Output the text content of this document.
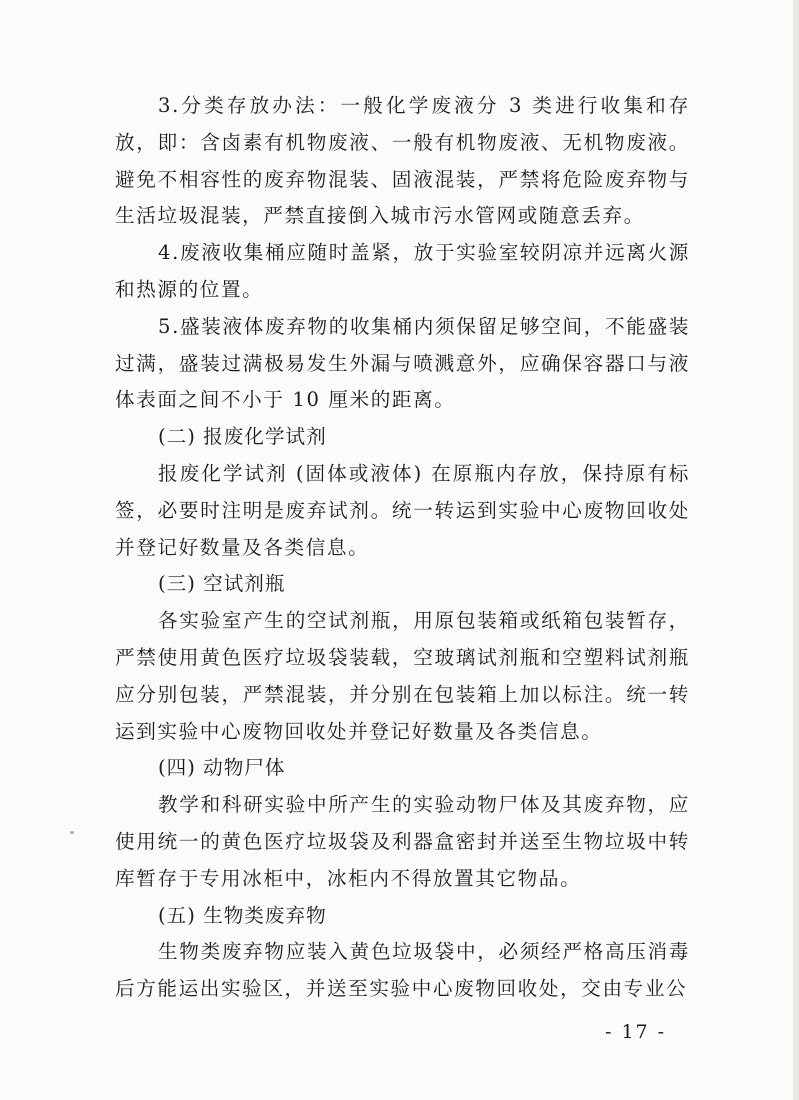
3.分类存放办法：一般化学废液分 3 类进行收集和存放，即：含卤素有机物废液、一般有机物废液、无机物废液。避免不相容性的废弃物混装、固液混装，严禁将危险废弃物与生活垃圾混装，严禁直接倒入城市污水管网或随意丢弃。

4.废液收集桶应随时盖紧，放于实验室较阴凉并远离火源和热源的位置。

5.盛装液体废弃物的收集桶内须保留足够空间，不能盛装过满，盛装过满极易发生外漏与喷溅意外，应确保容器口与液体表面之间不小于 10 厘米的距离。

(二) 报废化学试剂

报废化学试剂 (固体或液体) 在原瓶内存放，保持原有标签，必要时注明是废弃试剂。统一转运到实验中心废物回收处并登记好数量及各类信息。

(三) 空试剂瓶

各实验室产生的空试剂瓶，用原包装箱或纸箱包装暂存，严禁使用黄色医疗垃圾袋装载，空玻璃试剂瓶和空塑料试剂瓶应分别包装，严禁混装，并分别在包装箱上加以标注。统一转运到实验中心废物回收处并登记好数量及各类信息。

(四) 动物尸体

教学和科研实验中所产生的实验动物尸体及其废弃物，应使用统一的黄色医疗垃圾袋及利器盒密封并送至生物垃圾中转库暂存于专用冰柜中，冰柜内不得放置其它物品。

(五) 生物类废弃物

生物类废弃物应装入黄色垃圾袋中，必须经严格高压消毒后方能运出实验区，并送至实验中心废物回收处，交由专业公

- 17 -
